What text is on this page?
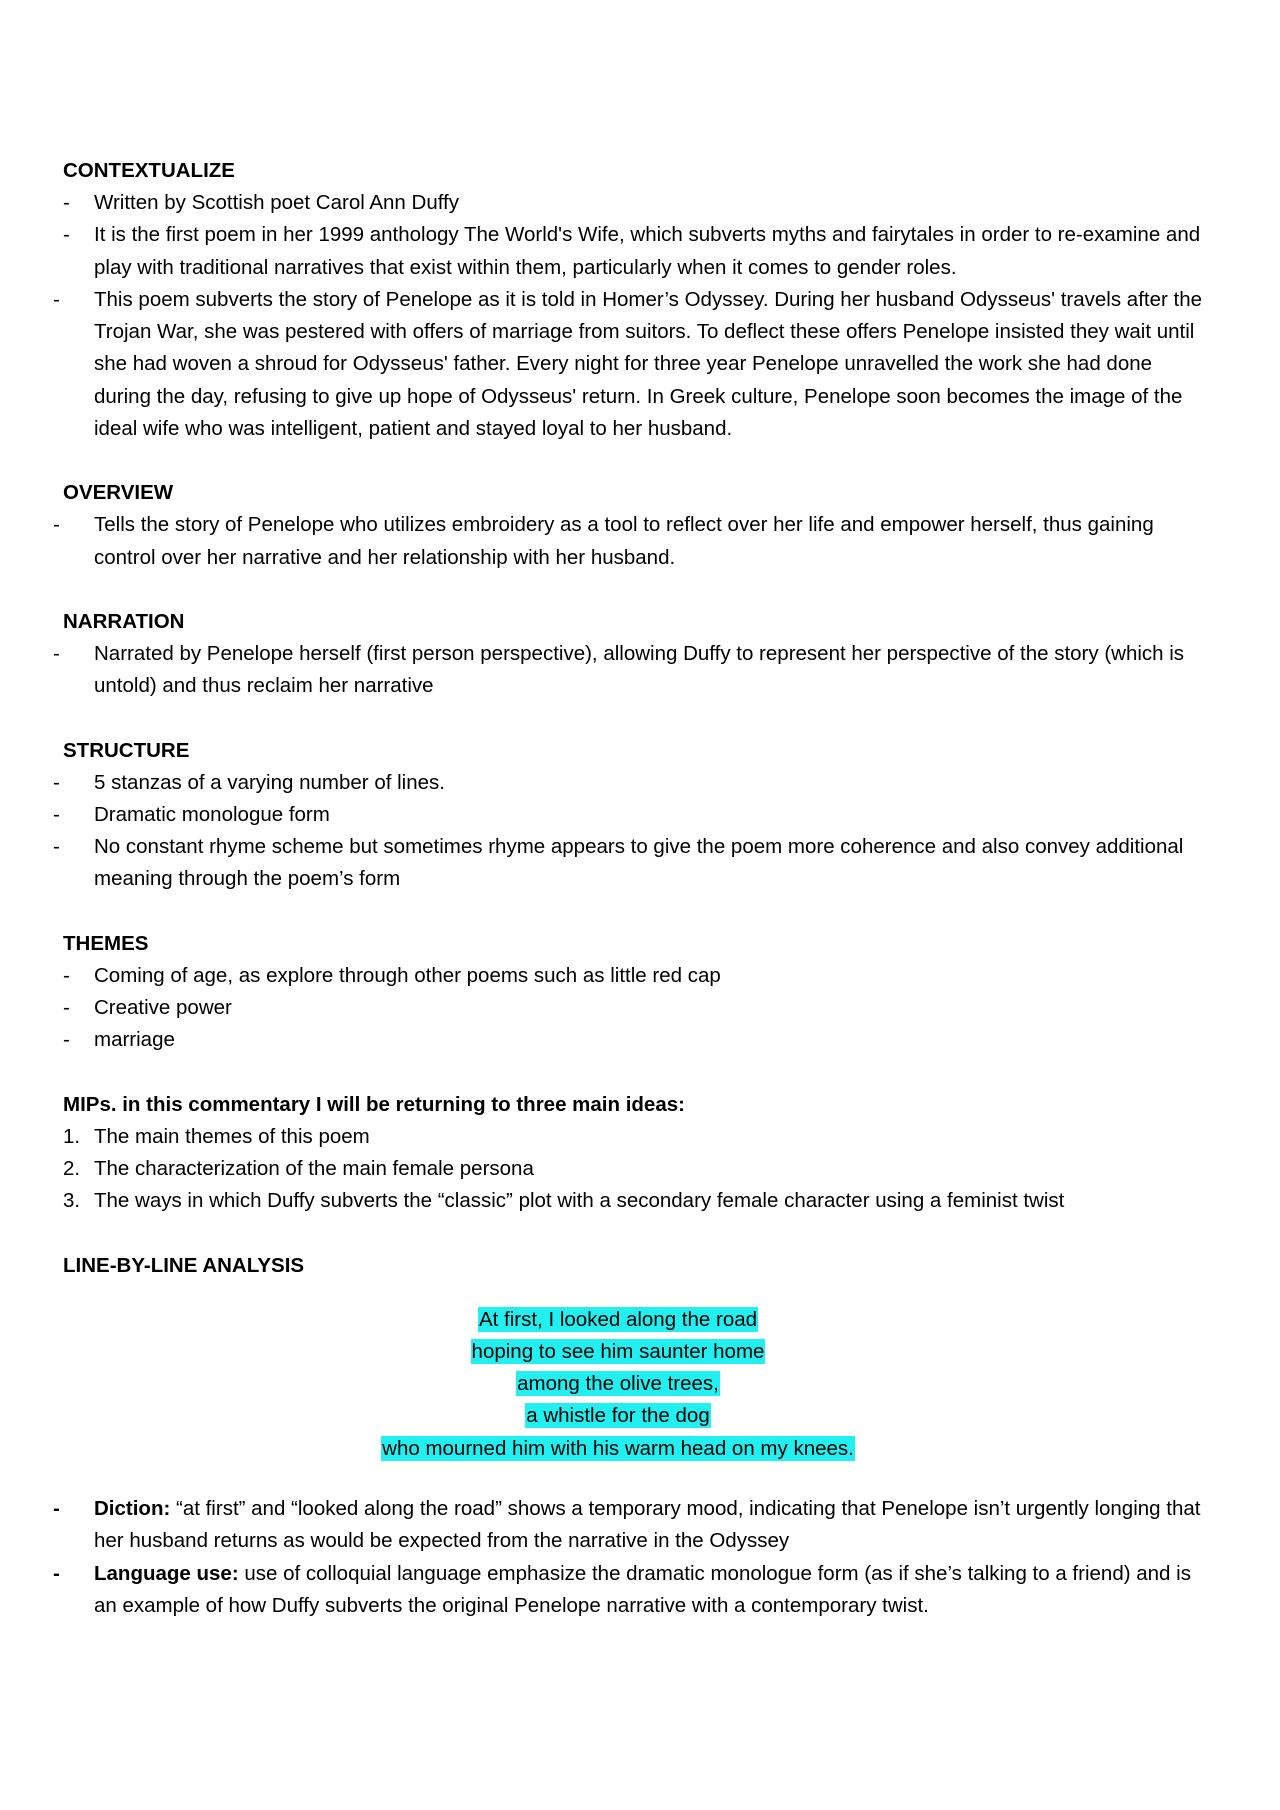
CONTEXTUALIZE
- Written by Scottish poet Carol Ann Duffy
- It is the first poem in her 1999 anthology The World's Wife, which subverts myths and fairytales in order to re-examine and play with traditional narratives that exist within them, particularly when it comes to gender roles.
- This poem subverts the story of Penelope as it is told in Homer’s Odyssey. During her husband Odysseus' travels after the Trojan War, she was pestered with offers of marriage from suitors. To deflect these offers Penelope insisted they wait until she had woven a shroud for Odysseus' father. Every night for three year Penelope unravelled the work she had done during the day, refusing to give up hope of Odysseus' return. In Greek culture, Penelope soon becomes the image of the ideal wife who was intelligent, patient and stayed loyal to her husband.
OVERVIEW
- Tells the story of Penelope who utilizes embroidery as a tool to reflect over her life and empower herself, thus gaining control over her narrative and her relationship with her husband.
NARRATION
- Narrated by Penelope herself (first person perspective), allowing Duffy to represent her perspective of the story (which is untold) and thus reclaim her narrative
STRUCTURE
- 5 stanzas of a varying number of lines.
- Dramatic monologue form
- No constant rhyme scheme but sometimes rhyme appears to give the poem more coherence and also convey additional meaning through the poem’s form
THEMES
- Coming of age, as explore through other poems such as little red cap
- Creative power
- marriage
MIPs. in this commentary I will be returning to three main ideas:
1. The main themes of this poem
2. The characterization of the main female persona
3. The ways in which Duffy subverts the “classic” plot with a secondary female character using a feminist twist
LINE-BY-LINE ANALYSIS
At first, I looked along the road
hoping to see him saunter home
among the olive trees,
a whistle for the dog
who mourned him with his warm head on my knees.
- Diction: “at first” and “looked along the road” shows a temporary mood, indicating that Penelope isn’t urgently longing that her husband returns as would be expected from the narrative in the Odyssey
- Language use: use of colloquial language emphasize the dramatic monologue form (as if she’s talking to a friend) and is an example of how Duffy subverts the original Penelope narrative with a contemporary twist.
